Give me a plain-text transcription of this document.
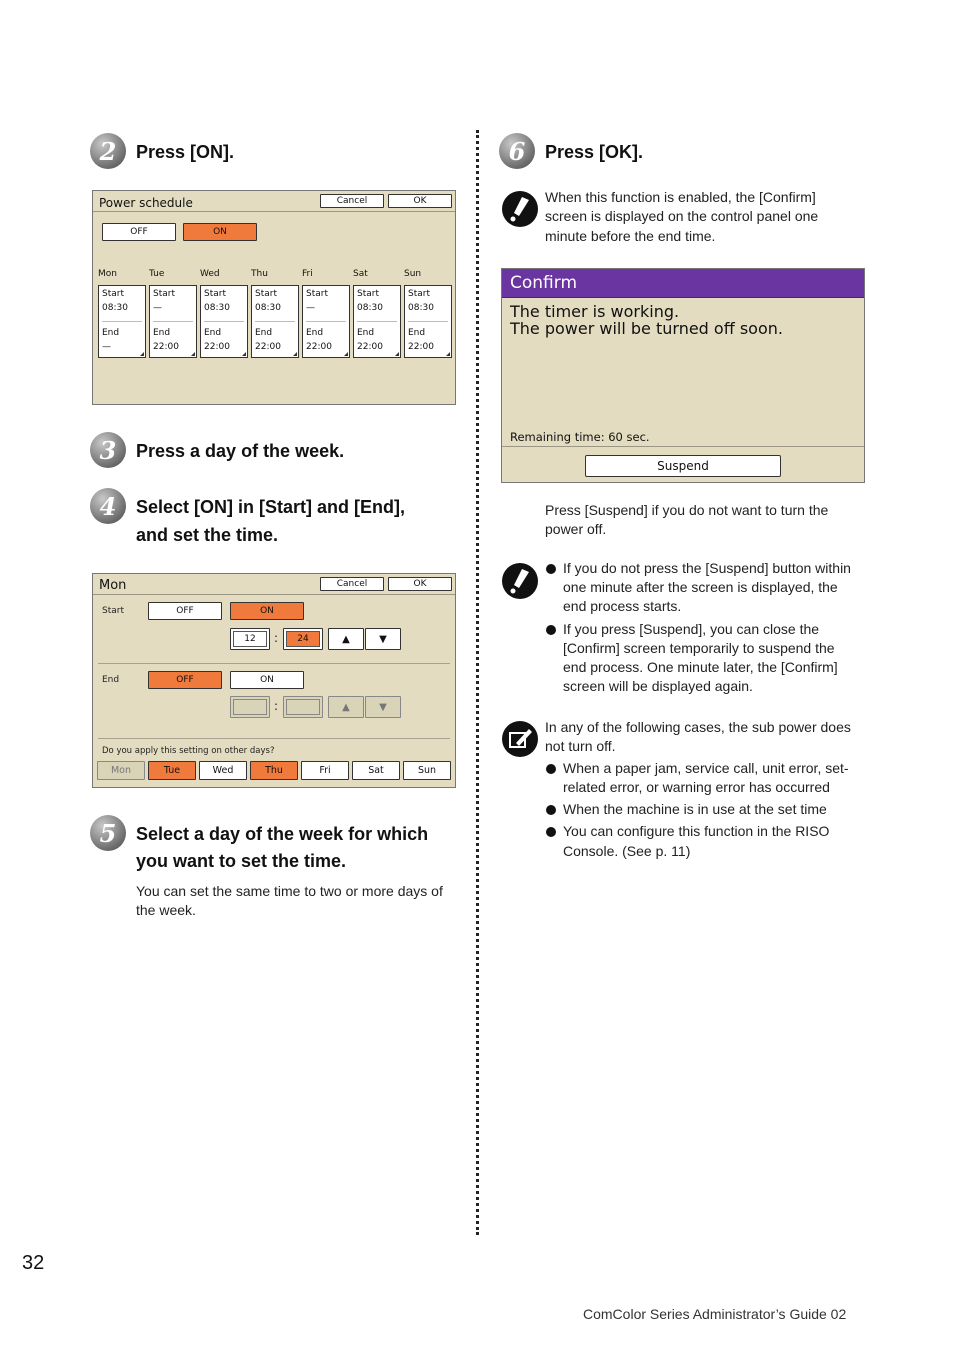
2	Press [ON].
Power schedule	Cancel	OK
OFF	ON
Mon
Start
08:30
End
—
Tue
Start
—
End
22:00
Wed
Start
08:30
End
22:00
Thu
Start
08:30
End
22:00
Fri
Start
—
End
22:00
Sat
Start
08:30
End
22:00
Sun
Start
08:30
End
22:00
3	Press a day of the week.
4	Select [ON] in [Start] and [End],
and set the time.
Mon	Cancel	OK
Start	OFF	ON
12	:	24	▲	▼
End	OFF	ON
:	▲	▼
Do you apply this setting on other days?
Mon	Tue	Wed	Thu	Fri	Sat	Sun
5	Select a day of the week for which
you want to set the time.
You can set the same time to two or more days of
the week.
6	Press [OK].
When this function is enabled, the [Confirm]
screen is displayed on the control panel one
minute before the end time.
Confirm
The timer is working.
The power will be turned off soon.
Remaining time: 60 sec.
Suspend
Press [Suspend] if you do not want to turn the
power off.
If you do not press the [Suspend] button within
one minute after the screen is displayed, the
end process starts.
If you press [Suspend], you can close the
[Confirm] screen temporarily to suspend the
end process. One minute later, the [Confirm]
screen will be displayed again.
In any of the following cases, the sub power does
not turn off.
When a paper jam, service call, unit error, set-
related error, or warning error has occurred
When the machine is in use at the set time
You can configure this function in the RISO
Console. (See p. 11)
32
ComColor Series Administrator’s Guide 02
